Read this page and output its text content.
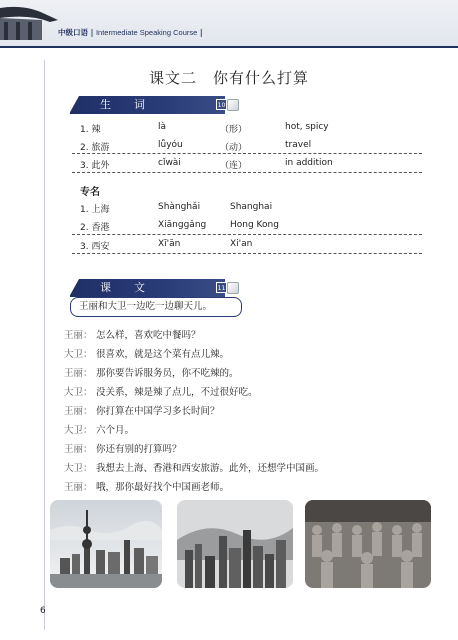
中级口语 | Intermediate Speaking Course |
课文二　你有什么打算
生　词	10
1. 辣	là	（形）	hot, spicy
2. 旅游	lǚyóu	（动）	travel
3. 此外	cǐwài	（连）	in addition
专名
1. 上海	Shànghǎi	Shanghai
2. 香港	Xiānggǎng	Hong Kong
3. 西安	Xī'ān	Xi'an
课　文	11
王丽和大卫一边吃一边聊天儿。
王丽： 怎么样，喜欢吃中餐吗？
大卫： 很喜欢，就是这个菜有点儿辣。
王丽： 那你要告诉服务员，你不吃辣的。
大卫： 没关系，辣是辣了点儿，不过很好吃。
王丽： 你打算在中国学习多长时间？
大卫： 六个月。
王丽： 你还有别的打算吗？
大卫： 我想去上海、香港和西安旅游。此外，还想学中国画。
王丽： 哦，那你最好找个中国画老师。
6
